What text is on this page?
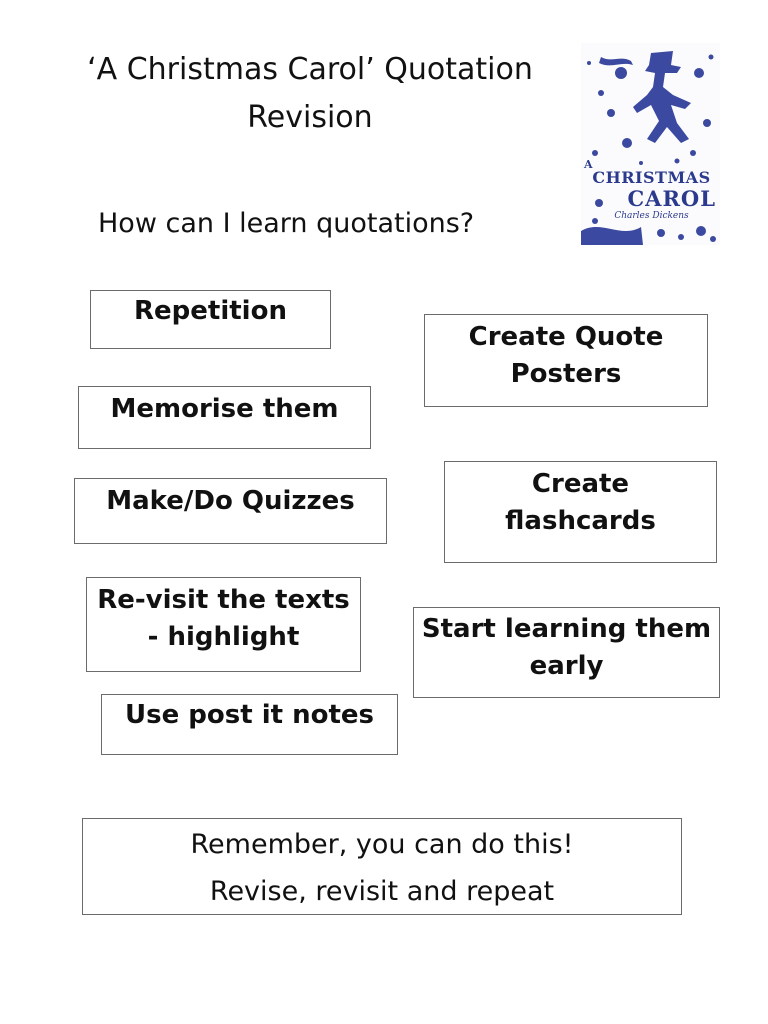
‘A Christmas Carol’ Quotation
Revision
How can I learn quotations?
CHRISTMAS
A
CAROL
Charles Dickens
Repetition
Memorise them
Make/Do Quizzes
Re-visit the texts
- highlight
Use post it notes
Create Quote
Posters
Create
flashcards
Start learning them
early
Remember, you can do this!
Revise, revisit and repeat
